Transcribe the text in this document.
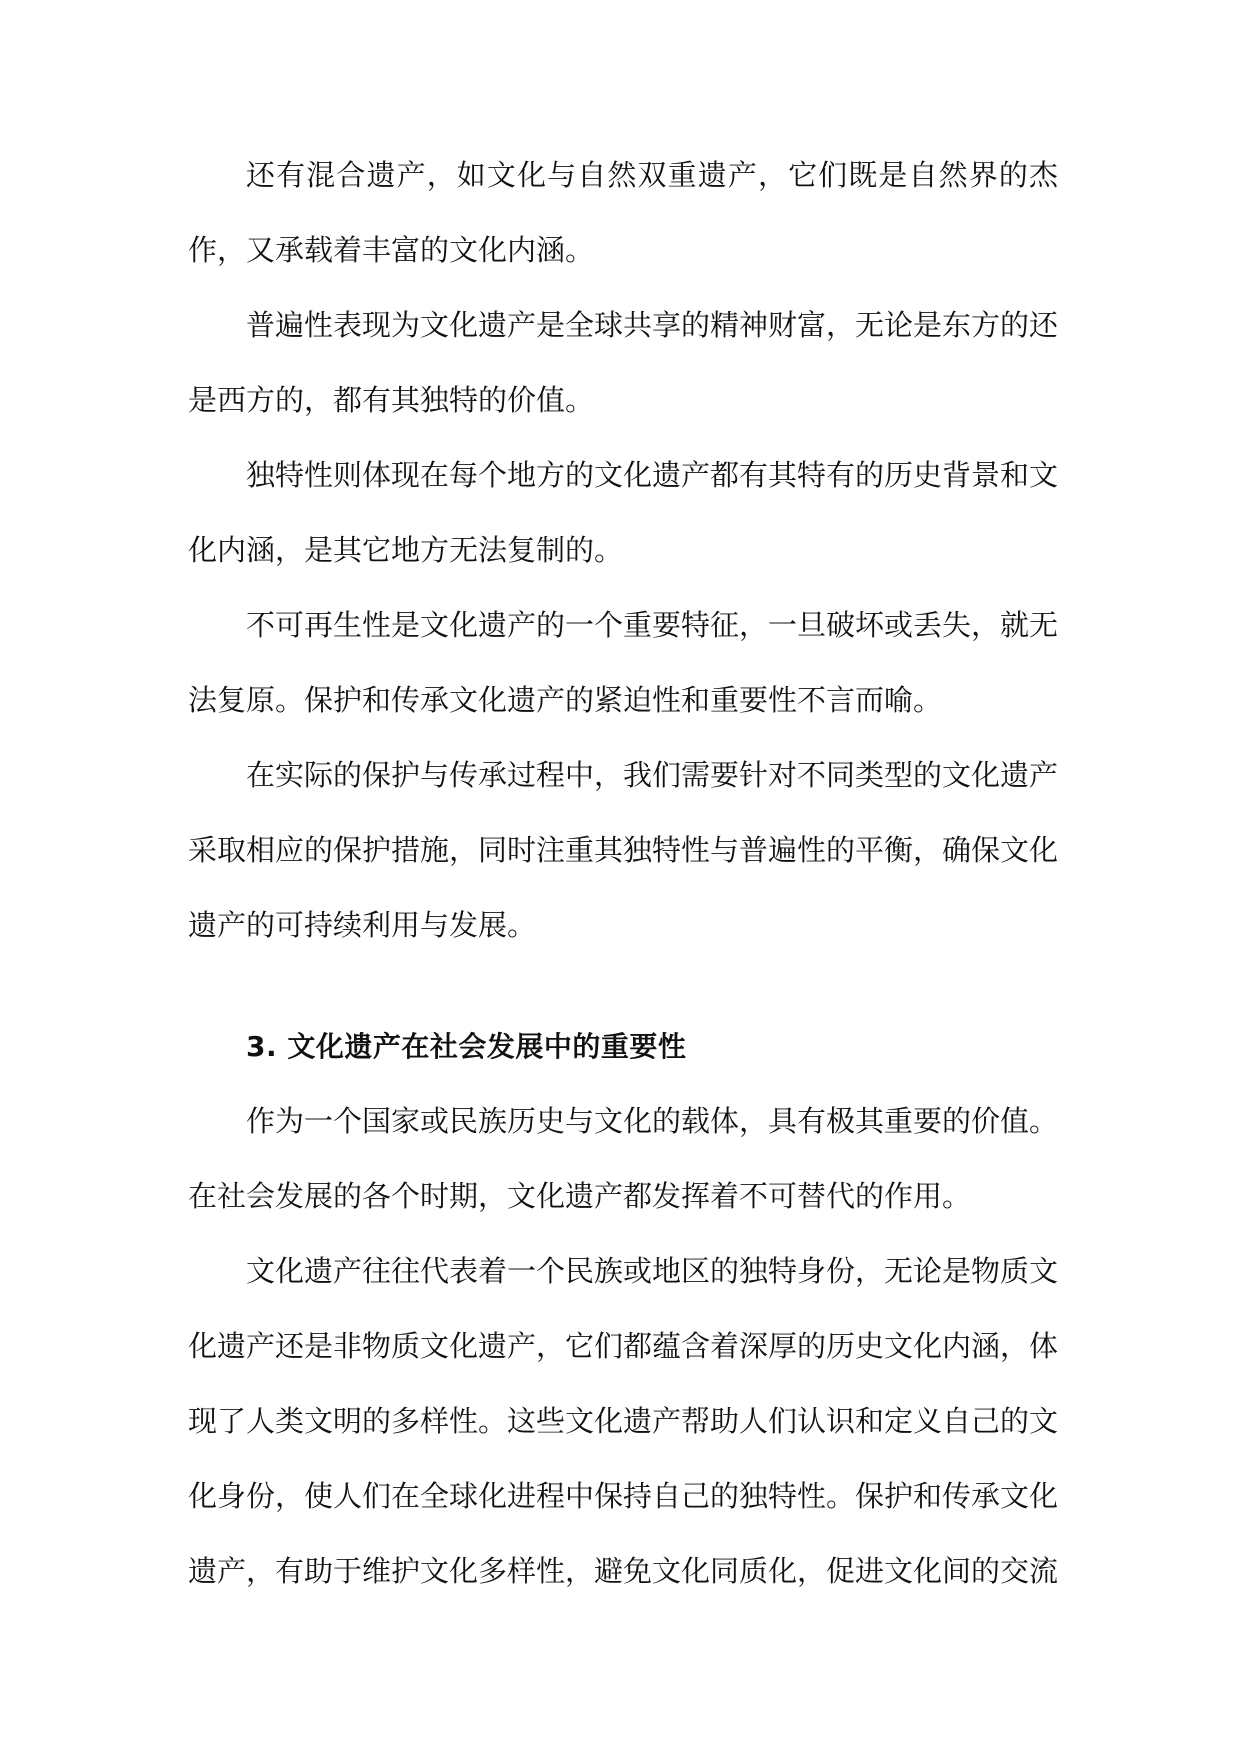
还有混合遗产，如文化与自然双重遗产，它们既是自然界的杰作，又承载着丰富的文化内涵。

普遍性表现为文化遗产是全球共享的精神财富，无论是东方的还是西方的，都有其独特的价值。

独特性则体现在每个地方的文化遗产都有其特有的历史背景和文化内涵，是其它地方无法复制的。

不可再生性是文化遗产的一个重要特征，一旦破坏或丢失，就无法复原。保护和传承文化遗产的紧迫性和重要性不言而喻。

在实际的保护与传承过程中，我们需要针对不同类型的文化遗产采取相应的保护措施，同时注重其独特性与普遍性的平衡，确保文化遗产的可持续利用与发展。

3. 文化遗产在社会发展中的重要性

作为一个国家或民族历史与文化的载体，具有极其重要的价值。在社会发展的各个时期，文化遗产都发挥着不可替代的作用。

文化遗产往往代表着一个民族或地区的独特身份，无论是物质文化遗产还是非物质文化遗产，它们都蕴含着深厚的历史文化内涵，体现了人类文明的多样性。这些文化遗产帮助人们认识和定义自己的文化身份，使人们在全球化进程中保持自己的独特性。保护和传承文化遗产，有助于维护文化多样性，避免文化同质化，促进文化间的交流
